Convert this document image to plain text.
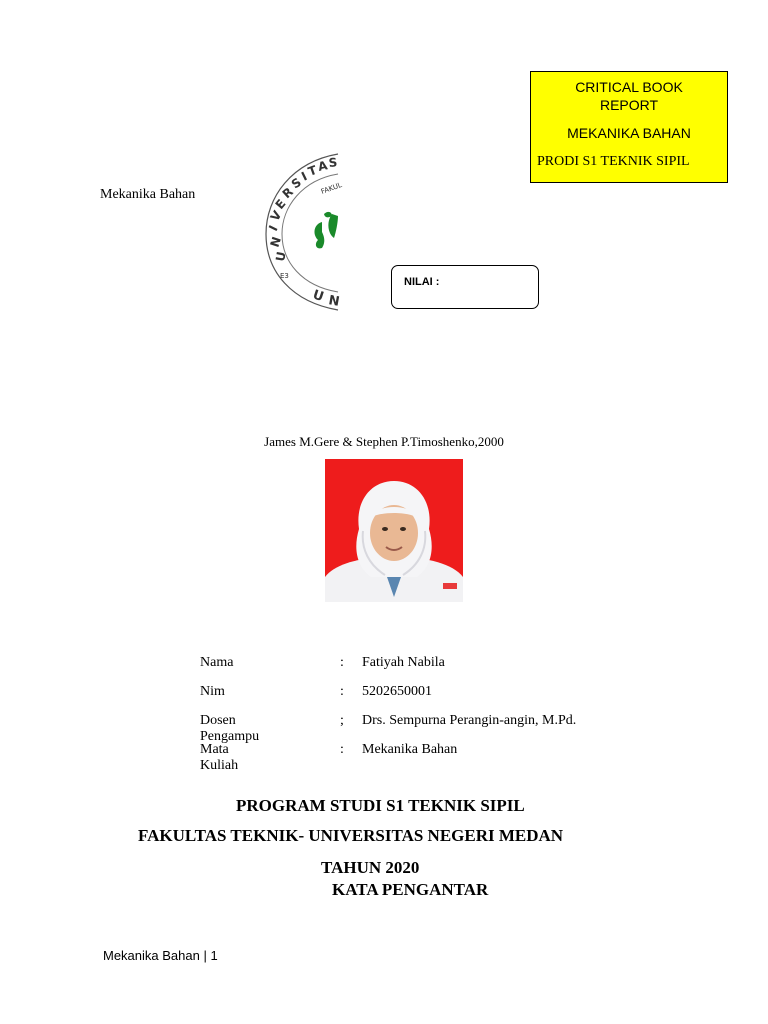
CRITICAL BOOK
REPORT
MEKANIKA BAHAN
PRODI S1 TEKNIK SIPIL
Mekanika Bahan
U
N
I
V
E
R
S
I
T
A S
FAKUL
E3
U N
NILAI :
James M.Gere & Stephen P.Timoshenko,2000
Nama	: Fatiyah Nabila
Nim	: 5202650001
Dosen Pengampu
; Drs. Sempurna Perangin-angin, M.Pd.
Mata Kuliah
: Mekanika Bahan
PROGRAM STUDI S1 TEKNIK SIPIL
FAKULTAS TEKNIK- UNIVERSITAS NEGERI MEDAN
TAHUN 2020
KATA PENGANTAR
Mekanika Bahan | 1
